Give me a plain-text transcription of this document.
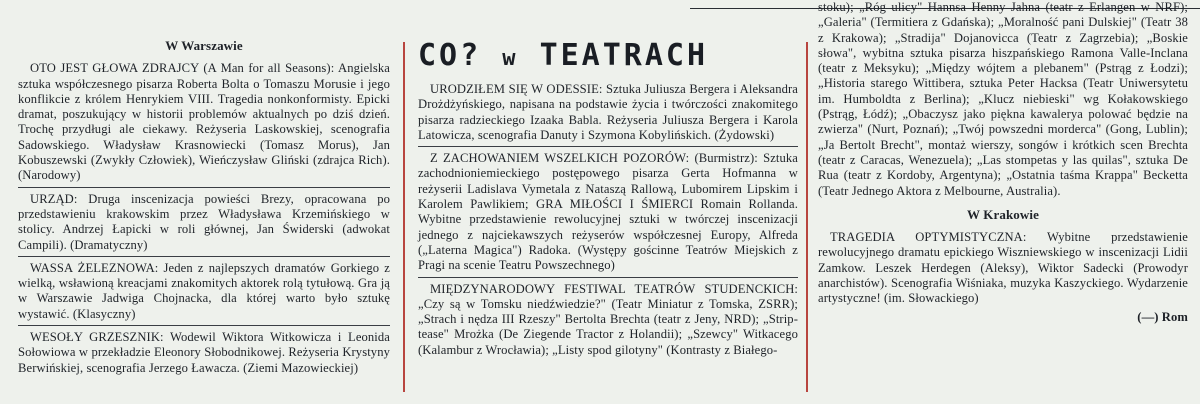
W Warszawie

OTO JEST GŁOWA ZDRAJCY (A Man for all Seasons): Angielska sztuka współczesnego pisarza Roberta Bolta o Tomaszu Morusie i jego konflikcie z królem Henrykiem VIII. Tragedia nonkonformisty. Epicki dramat, poszukujący w historii problemów aktualnych po dziś dzień. Trochę przydługi ale ciekawy. Reżyseria Laskowskiej, scenografia Sadowskiego. Władysław Krasnowiecki (Tomasz Morus), Jan Kobuszewski (Zwykły Człowiek), Wieńczysław Gliński (zdrajca Rich). (Narodowy)

URZĄD: Druga inscenizacja powieści Brezy, opracowana po przedstawieniu krakowskim przez Władysława Krzemińskiego w stolicy. Andrzej Łapicki w roli głównej, Jan Świderski (adwokat Campili). (Dramatyczny)

WASSA ŻELEZNOWA: Jeden z najlepszych dramatów Gorkiego z wielką, wsławioną kreacjami znakomitych aktorek rolą tytułową. Gra ją w Warszawie Jadwiga Chojnacka, dla której warto było sztukę wystawić. (Klasyczny)

WESOŁY GRZESZNIK: Wodewil Wiktora Witkowicza i Leonida Sołowiowa w przekładzie Eleonory Słobodnikowej. Reżyseria Krystyny Berwińskiej, scenografia Jerzego Ławacza. (Ziemi Mazowieckiej)

CO? w TEATRACH

URODZIŁEM SIĘ W ODESSIE: Sztuka Juliusza Bergera i Aleksandra Drożdżyńskiego, napisana na podstawie życia i twórczości znakomitego pisarza radzieckiego Izaaka Babla. Reżyseria Juliusza Bergera i Karola Latowicza, scenografia Danuty i Szymona Kobylińskich. (Żydowski)

Z ZACHOWANIEM WSZELKICH POZORÓW: (Burmistrz): Sztuka zachodnioniemieckiego postępowego pisarza Gerta Hofmanna w reżyserii Ladislava Vymetala z Nataszą Rallową, Lubomirem Lipskim i Karolem Pawlikiem; GRA MIŁOŚCI I ŚMIERCI Romain Rollanda. Wybitne przedstawienie rewolucyjnej sztuki w twórczej inscenizacji jednego z najciekawszych reżyserów współczesnej Europy, Alfreda („Laterna Magica") Radoka. (Występy gościnne Teatrów Miejskich z Pragi na scenie Teatru Powszechnego)

MIĘDZYNARODOWY FESTIWAL TEATRÓW STUDENCKICH: „Czy są w Tomsku niedźwiedzie?" (Teatr Miniatur z Tomska, ZSRR); „Strach i nędza III Rzeszy" Bertolta Brechta (teatr z Jeny, NRD); „Strip-tease" Mrożka (De Ziegende Tractor z Holandii); „Szewcy" Witkacego (Kalambur z Wrocławia); „Listy spod gilotyny" (Kontrasty z Białego-

stoku); „Róg ulicy" Hannsa Henny Jahna (teatr z Erlangen w NRF); „Galeria" (Termitiera z Gdańska); „Moralność pani Dulskiej" (Teatr 38 z Krakowa); „Stradija" Dojanovicca (Teatr z Zagrzebia); „Boskie słowa", wybitna sztuka pisarza hiszpańskiego Ramona Valle-Inclana (teatr z Meksyku); „Między wójtem a plebanem" (Pstrąg z Łodzi); „Historia starego Wittibera, sztuka Peter Hacksa (Teatr Uniwersytetu im. Humboldta z Berlina); „Klucz niebieski" wg Kołakowskiego (Pstrąg, Łódź); „Obaczysz jako piękna kawalerya polować będzie na zwierza" (Nurt, Poznań); „Twój powszedni morderca" (Gong, Lublin); „Ja Bertolt Brecht", montaż wierszy, songów i krótkich scen Brechta (teatr z Caracas, Wenezuela); „Las stompetas y las quilas", sztuka De Rua (teatr z Kordoby, Argentyna); „Ostatnia taśma Krappa" Becketta (Teatr Jednego Aktora z Melbourne, Australia).

W Krakowie

TRAGEDIA OPTYMISTYCZNA: Wybitne przedstawienie rewolucyjnego dramatu epickiego Wiszniewskiego w inscenizacji Lidii Zamkow. Leszek Herdegen (Aleksy), Wiktor Sadecki (Prowodyr anarchistów). Scenografia Wiśniaka, muzyka Kaszyckiego. Wydarzenie artystyczne! (im. Słowackiego)

(—) Rom
